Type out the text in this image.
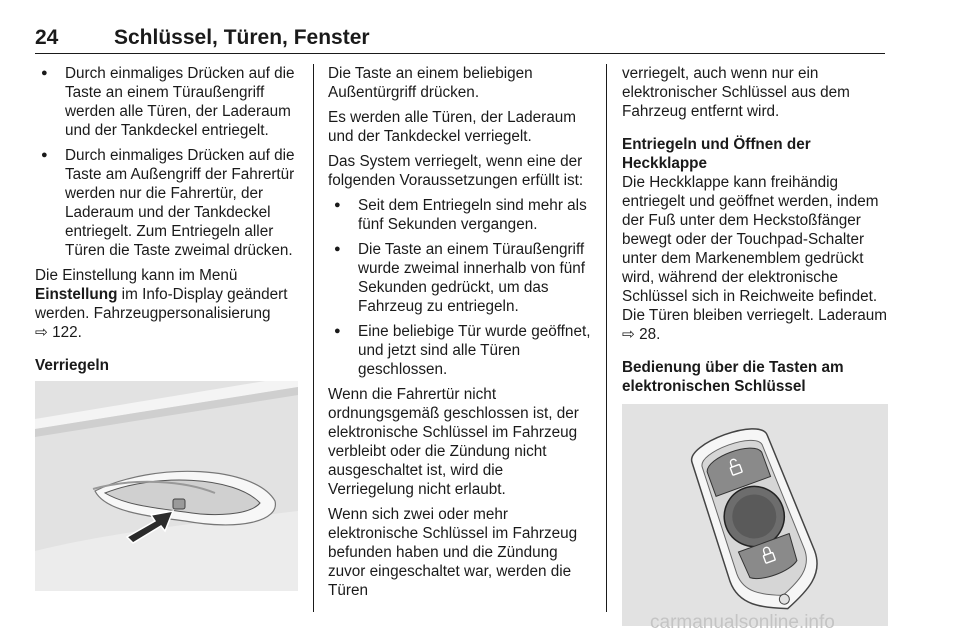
24	Schlüssel, Türen, Fenster
● Durch einmaliges Drücken auf die Taste an einem Türaußengriff werden alle Türen, der Laderaum und der Tankdeckel entriegelt.
● Durch einmaliges Drücken auf die Taste am Außengriff der Fahrertür werden nur die Fahrertür, der Laderaum und der Tankdeckel entriegelt. Zum Entriegeln aller Türen die Taste zweimal drücken.

Die Einstellung kann im Menü Einstellung im Info-Display geändert werden. Fahrzeugpersonalisierung
⇨ 122.

Verriegeln

Die Taste an einem beliebigen Außentürgriff drücken.

Es werden alle Türen, der Laderaum und der Tankdeckel verriegelt.

Das System verriegelt, wenn eine der folgenden Voraussetzungen erfüllt ist:

● Seit dem Entriegeln sind mehr als fünf Sekunden vergangen.
● Die Taste an einem Türaußengriff wurde zweimal innerhalb von fünf Sekunden gedrückt, um das Fahrzeug zu entriegeln.
● Eine beliebige Tür wurde geöffnet, und jetzt sind alle Türen geschlossen.

Wenn die Fahrertür nicht ordnungsgemäß geschlossen ist, der elektronische Schlüssel im Fahrzeug verbleibt oder die Zündung nicht ausgeschaltet ist, wird die Verriegelung nicht erlaubt.

Wenn sich zwei oder mehr elektronische Schlüssel im Fahrzeug befunden haben und die Zündung zuvor eingeschaltet war, werden die Türen

verriegelt, auch wenn nur ein elektronischer Schlüssel aus dem Fahrzeug entfernt wird.

Entriegeln und Öffnen der Heckklappe

Die Heckklappe kann freihändig entriegelt und geöffnet werden, indem der Fuß unter dem Heckstoßfänger bewegt oder der Touchpad-Schalter unter dem Markenemblem gedrückt wird, während der elektronische Schlüssel sich in Reichweite befindet. Die Türen bleiben verriegelt. Laderaum ⇨ 28.

Bedienung über die Tasten am elektronischen Schlüssel

carmanualsonline.info
